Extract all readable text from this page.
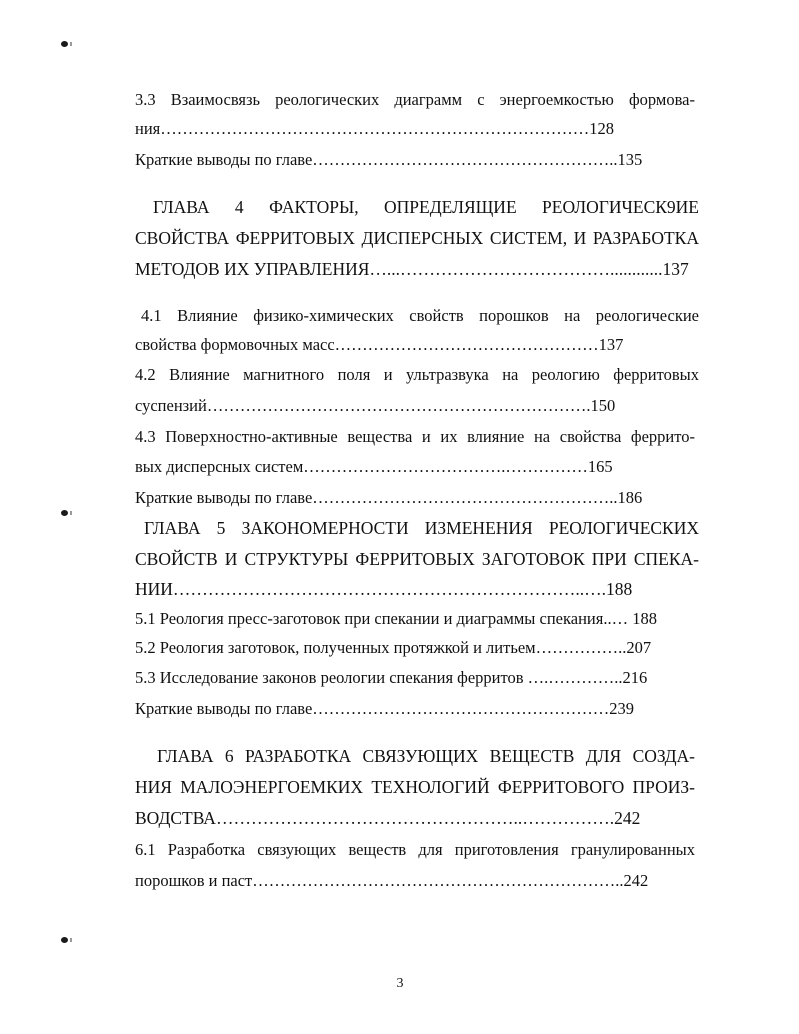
3.3 Взаимосвязь реологических диаграмм с энергоемкостью формова-
ния……………………………………………………………………128
Краткие выводы по главе………………………………………………..135
ГЛАВА 4 ФАКТОРЫ, ОПРЕДЕЛЯЩИЕ РЕОЛОГИЧЕСК9ИЕ
СВОЙСТВА ФЕРРИТОВЫХ ДИСПЕРСНЫХ СИСТЕМ, И РАЗРАБОТКА
МЕТОДОВ ИХ УПРАВЛЕНИЯ…...………………………………............137
4.1 Влияние физико-химических свойств порошков на реологические
свойства формовочных масс…………………………………………137
4.2 Влияние магнитного поля и ультразвука на реологию ферритовых
суспензий…………………………………………………………….150
4.3 Поверхностно-активные вещества и их влияние на свойства феррито-
вых дисперсных систем……………………………….……………165
Краткие выводы по главе………………………………………………..186
ГЛАВА 5 ЗАКОНОМЕРНОСТИ ИЗМЕНЕНИЯ РЕОЛОГИЧЕСКИХ
СВОЙСТВ И СТРУКТУРЫ ФЕРРИТОВЫХ ЗАГОТОВОК ПРИ СПЕКА-
НИИ……………………………………………………………..….188
5.1 Реология пресс-заготовок при спекании и диаграммы спекания..… 188
5.2 Реология заготовок, полученных протяжкой и литьем……………..207
5.3 Исследование законов реологии спекания ферритов ….…………..216
Краткие выводы по главе………………………………………………239
ГЛАВА 6 РАЗРАБОТКА СВЯЗУЮЩИХ ВЕЩЕСТВ ДЛЯ СОЗДА-
НИЯ МАЛОЭНЕРГОЕМКИХ ТЕХНОЛОГИЙ ФЕРРИТОВОГО ПРОИЗ-
ВОДСТВА……………………………………………..…………….242
6.1 Разработка связующих веществ для приготовления гранулированных
порошков и паст…………………………………………………………..242
3
